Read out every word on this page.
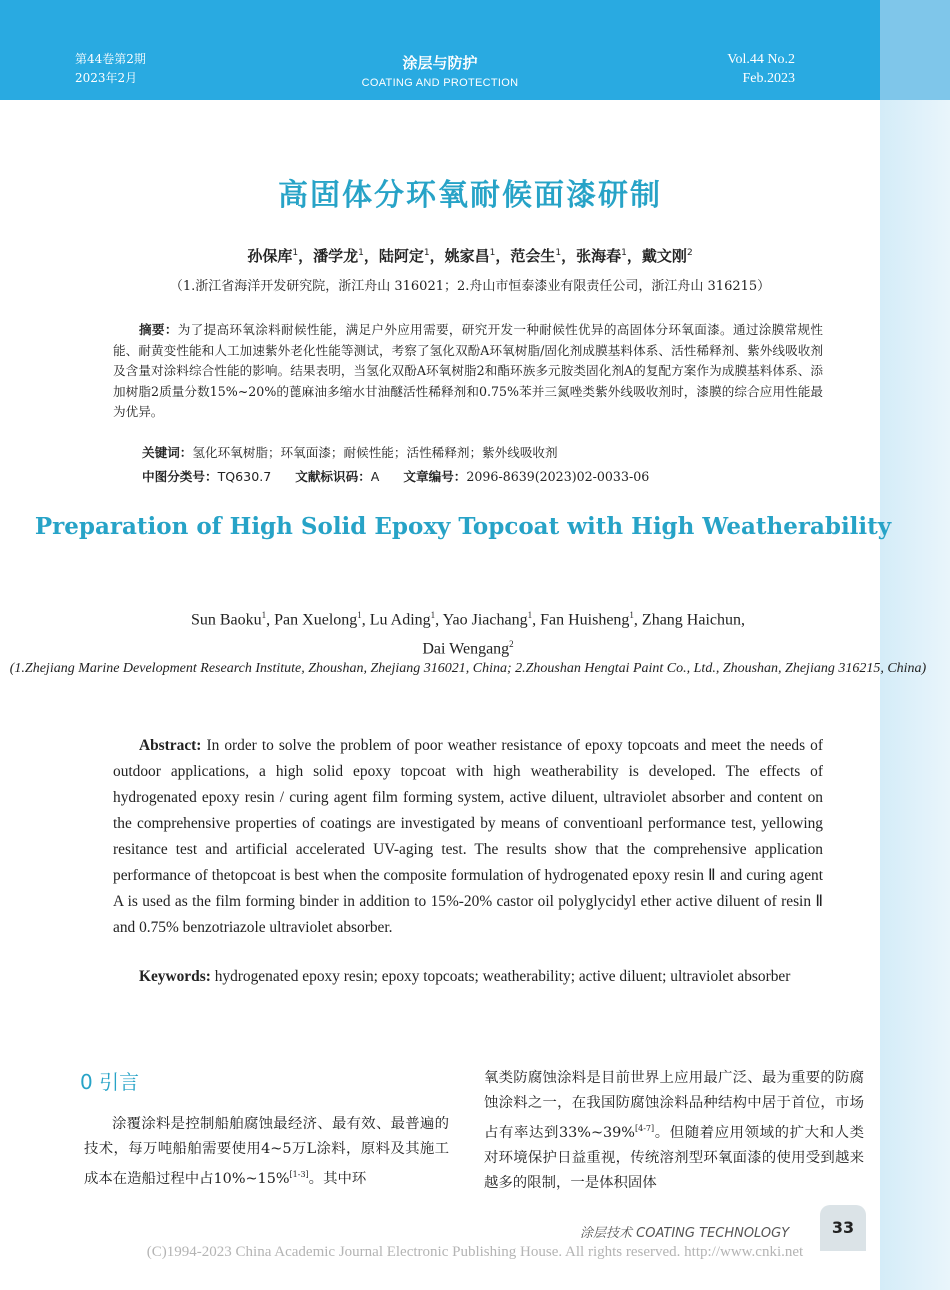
第44卷第2期
2023年2月
涂层与防护
COATING AND PROTECTION
Vol.44 No.2
Feb.2023
高固体分环氧耐候面漆研制
孙保库$^1$，潘学龙$^1$，陆阿定$^1$，姚家昌$^1$，范会生$^1$，张海春$^1$，戴文刚$^2$
（1.浙江省海洋开发研究院，浙江舟山 316021；2.舟山市恒泰漆业有限责任公司，浙江舟山 316215）
摘要：为了提高环氧涂料耐候性能，满足户外应用需要，研究开发一种耐候性优异的高固体分环氧面漆。通过涂膜常规性能、耐黄变性能和人工加速紫外老化性能等测试，考察了氢化双酚A环氧树脂/固化剂成膜基料体系、活性稀释剂、紫外线吸收剂及含量对涂料综合性能的影响。结果表明，当氢化双酚A环氧树脂2和酯环族多元胺类固化剂A的复配方案作为成膜基料体系、添加树脂2质量分数15%~20%的蓖麻油多缩水甘油醚活性稀释剂和0.75%苯并三氮唑类紫外线吸收剂时，漆膜的综合应用性能最为优异。
关键词：氢化环氧树脂；环氧面漆；耐候性能；活性稀释剂；紫外线吸收剂
中图分类号：TQ630.7 文献标识码：A 文章编号：2096-8639(2023)02-0033-06
Preparation of High Solid Epoxy Topcoat with High Weatherability
Sun Baoku$^1$, Pan Xuelong$^1$, Lu Ading$^1$, Yao Jiachang$^1$, Fan Huisheng$^1$, Zhang Haichun,
Dai Wengang$^2$
(1.Zhejiang Marine Development Research Institute, Zhoushan, Zhejiang 316021, China; 2.Zhoushan Hengtai Paint Co., Ltd., Zhoushan, Zhejiang 316215, China)
Abstract: In order to solve the problem of poor weather resistance of epoxy topcoats and meet the needs of outdoor applications, a high solid epoxy topcoat with high weatherability is developed. The effects of hydrogenated epoxy resin / curing agent film forming system, active diluent, ultraviolet absorber and content on the comprehensive properties of coatings are investigated by means of conventioanl performance test, yellowing resitance test and artificial accelerated UV-aging test. The results show that the comprehensive application performance of thetopcoat is best when the composite formulation of hydrogenated epoxy resin Ⅱ and curing agent A is used as the film forming binder in addition to 15%-20% castor oil polyglycidyl ether active diluent of resin Ⅱ and 0.75% benzotriazole ultraviolet absorber.
Keywords: hydrogenated epoxy resin; epoxy topcoats; weatherability; active diluent; ultraviolet absorber
0 引言
涂覆涂料是控制船舶腐蚀最经济、最有效、最普遍的技术，每万吨船舶需要使用4~5万L涂料，原料及其施工成本在造船过程中占10%~15%[1-3]。其中环
氧类防腐蚀涂料是目前世界上应用最广泛、最为重要的防腐蚀涂料之一，在我国防腐蚀涂料品种结构中居于首位，市场占有率达到33%~39%[4-7]。但随着应用领域的扩大和人类对环境保护日益重视，传统溶剂型环氧面漆的使用受到越来越多的限制，一是体积固体
涂层技术 COATING TECHNOLOGY	33
(C)1994-2023 China Academic Journal Electronic Publishing House. All rights reserved. http://www.cnki.net
